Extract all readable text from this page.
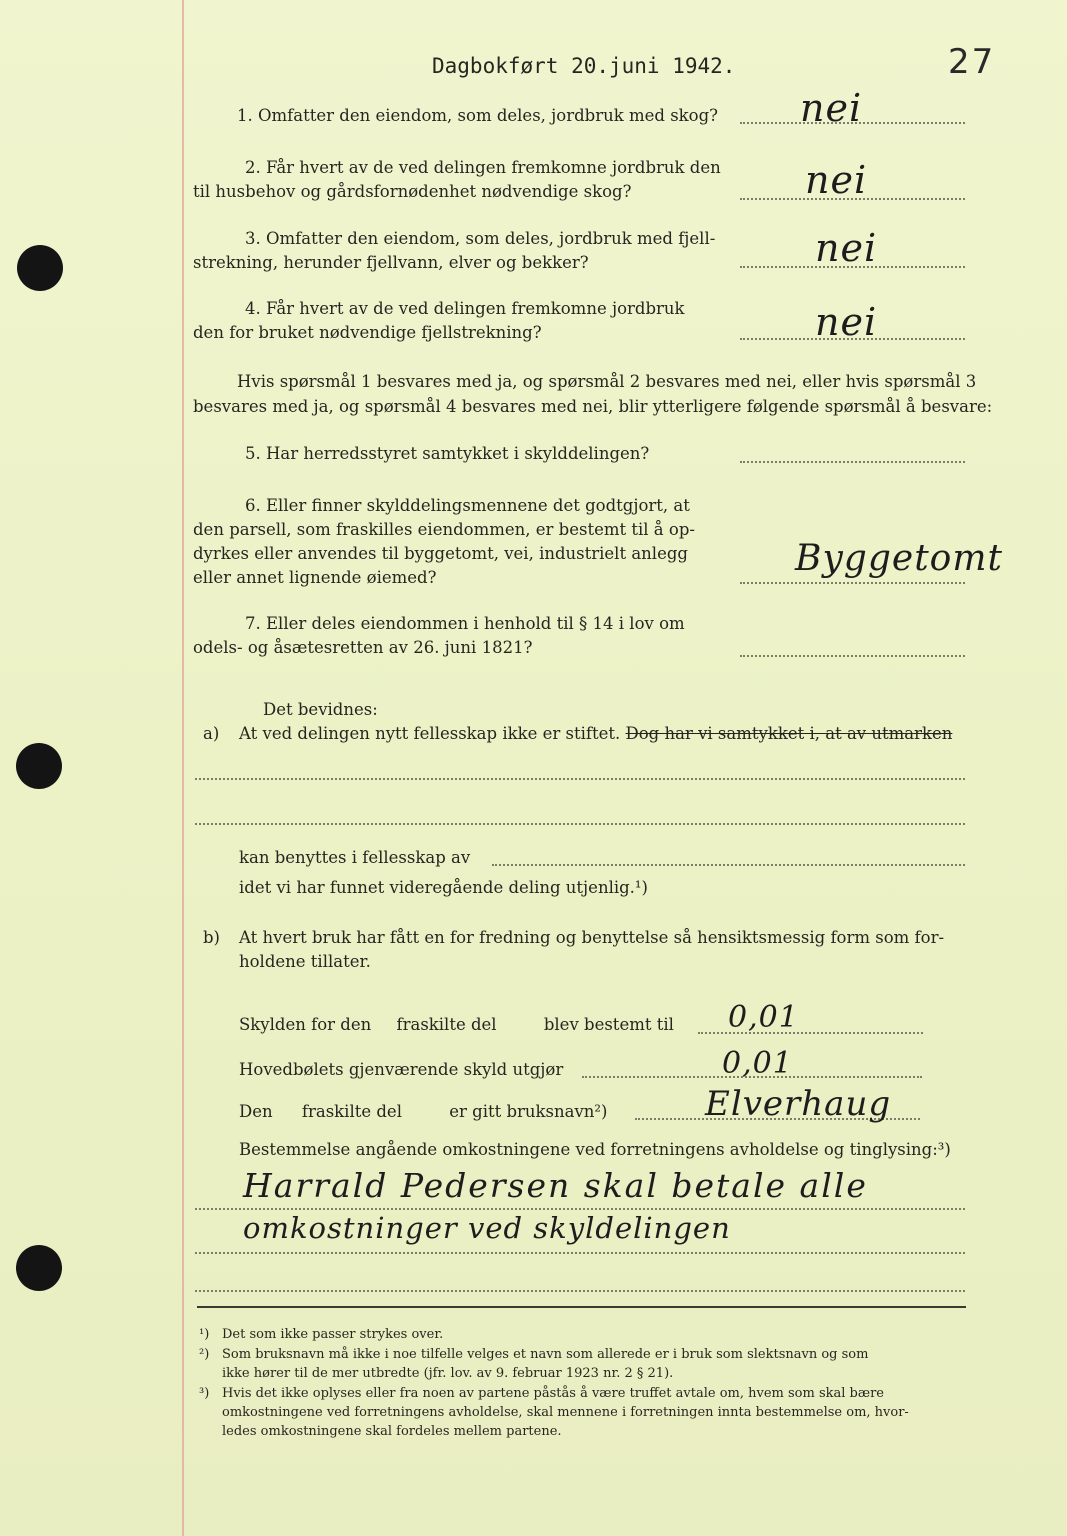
Dagbokført 20.juni 1942.	27
1. Omfatter den eiendom, som deles, jordbruk med skog? nei
2. Får hvert av de ved delingen fremkomne jordbruk den
til husbehov og gårdsfornødenhet nødvendige skog?	nei
3. Omfatter den eiendom, som deles, jordbruk med fjell-
strekning, herunder fjellvann, elver og bekker?	nei
4. Får hvert av de ved delingen fremkomne jordbruk
den for bruket nødvendige fjellstrekning?	nei
Hvis spørsmål 1 besvares med ja, og spørsmål 2 besvares med nei, eller hvis spørsmål 3
besvares med ja, og spørsmål 4 besvares med nei, blir ytterligere følgende spørsmål å besvare:
5. Har herredsstyret samtykket i skylddelingen?
6. Eller finner skylddelingsmennene det godtgjort, at
den parsell, som fraskilles eiendommen, er bestemt til å op-
dyrkes eller anvendes til byggetomt, vei, industrielt anlegg
eller annet lignende øiemed?	Byggetomt
7. Eller deles eiendommen i henhold til § 14 i lov om
odels- og åsætesretten av 26. juni 1821?
Det bevidnes:
a) At ved delingen nytt fellesskap ikke er stiftet. Dog har vi samtykket i, at av utmarken
kan benyttes i fellesskap av
idet vi har funnet videregående deling utjenlig.¹)
b) At hvert bruk har fått en for fredning og benyttelse så hensiktsmessig form som for-
holdene tillater.
Skylden for den fraskilte del	blev bestemt til 0,01
Hovedbølets gjenværende skyld utgjør	0,01
Den fraskilte del	er gitt bruksnavn²)	Elverhaug
Bestemmelse angående omkostningene ved forretningens avholdelse og tinglysing:³)
Harrald Pedersen skal betale alle
omkostninger ved skyldelingen
¹) Det som ikke passer strykes over.
²) Som bruksnavn må ikke i noe tilfelle velges et navn som allerede er i bruk som slektsnavn og som
ikke hører til de mer utbredte (jfr. lov. av 9. februar 1923 nr. 2 § 21).
³) Hvis det ikke oplyses eller fra noen av partene påstås å være truffet avtale om, hvem som skal bære
omkostningene ved forretningens avholdelse, skal mennene i forretningen innta bestemmelse om, hvor-
ledes omkostningene skal fordeles mellem partene.
